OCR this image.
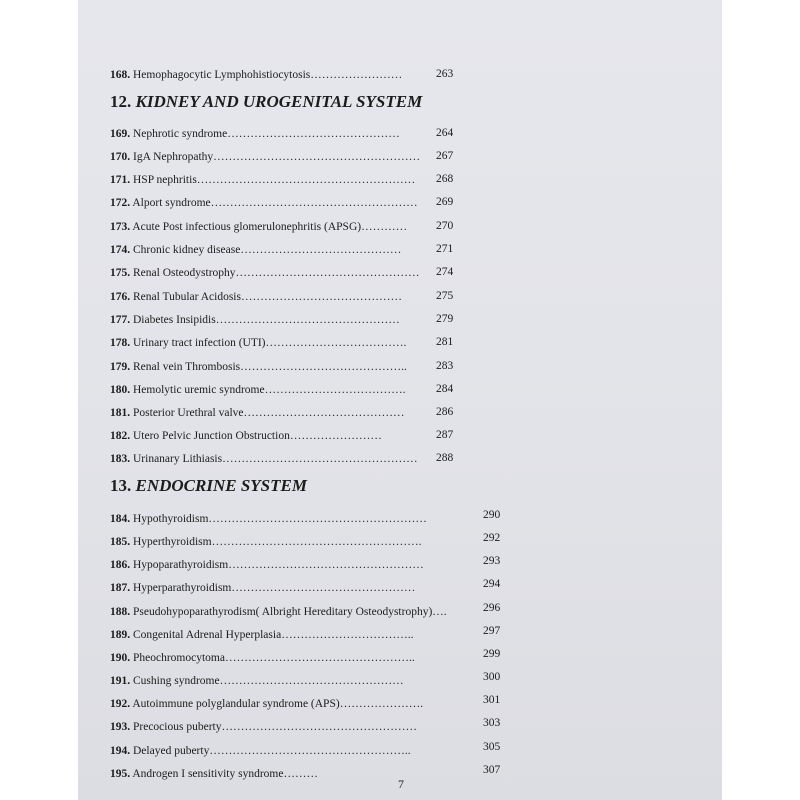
7
168. Hemophagocytic Lymphohistiocytosis……………………	263
12. KIDNEY AND UROGENITAL SYSTEM
169. Nephrotic syndrome………………………………………	264
170. IgA Nephropathy……………………………………………… 267
171. HSP nephritis………………………………………………… 268
172. Alport syndrome……………………………………………… 269
173. Acute Post infectious glomerulonephritis (APSG)…………	270
174. Chronic kidney disease……………………………………	271
175. Renal Osteodystrophy………………………………………… 274
176. Renal Tubular Acidosis……………………………………	275
177. Diabetes Insipidis…………………………………………	279
178. Urinary tract infection (UTI)……………………………….	281
179. Renal vein Thrombosis……………………………………..	283
180. Hemolytic uremic syndrome……………………………….	284
181. Posterior Urethral valve……………………………………	286
182. Utero Pelvic Junction Obstruction……………………	287
183. Urinanary Lithiasis…………………………………………… 288
13. ENDOCRINE SYSTEM
184. Hypothyroidism…………………………………………………	290
185. Hyperthyroidism……………………………………………….	292
186. Hypoparathyroidism……………………………………………	293
187. Hyperparathyroidism…………………………………………	294
188. Pseudohypoparathyrodism( Albright Hereditary Osteodystrophy)….	296
189. Congenital Adrenal Hyperplasia……………………………..	297
190. Pheochromocytoma…………………………………………..	299
191. Cushing syndrome…………………………………………	300
192. Autoimmune polyglandular syndrome (APS)………………….	301
193. Precocious puberty……………………………………………	303
194. Delayed puberty……………………………………………..	305
195. Androgen I sensitivity syndrome………	307
